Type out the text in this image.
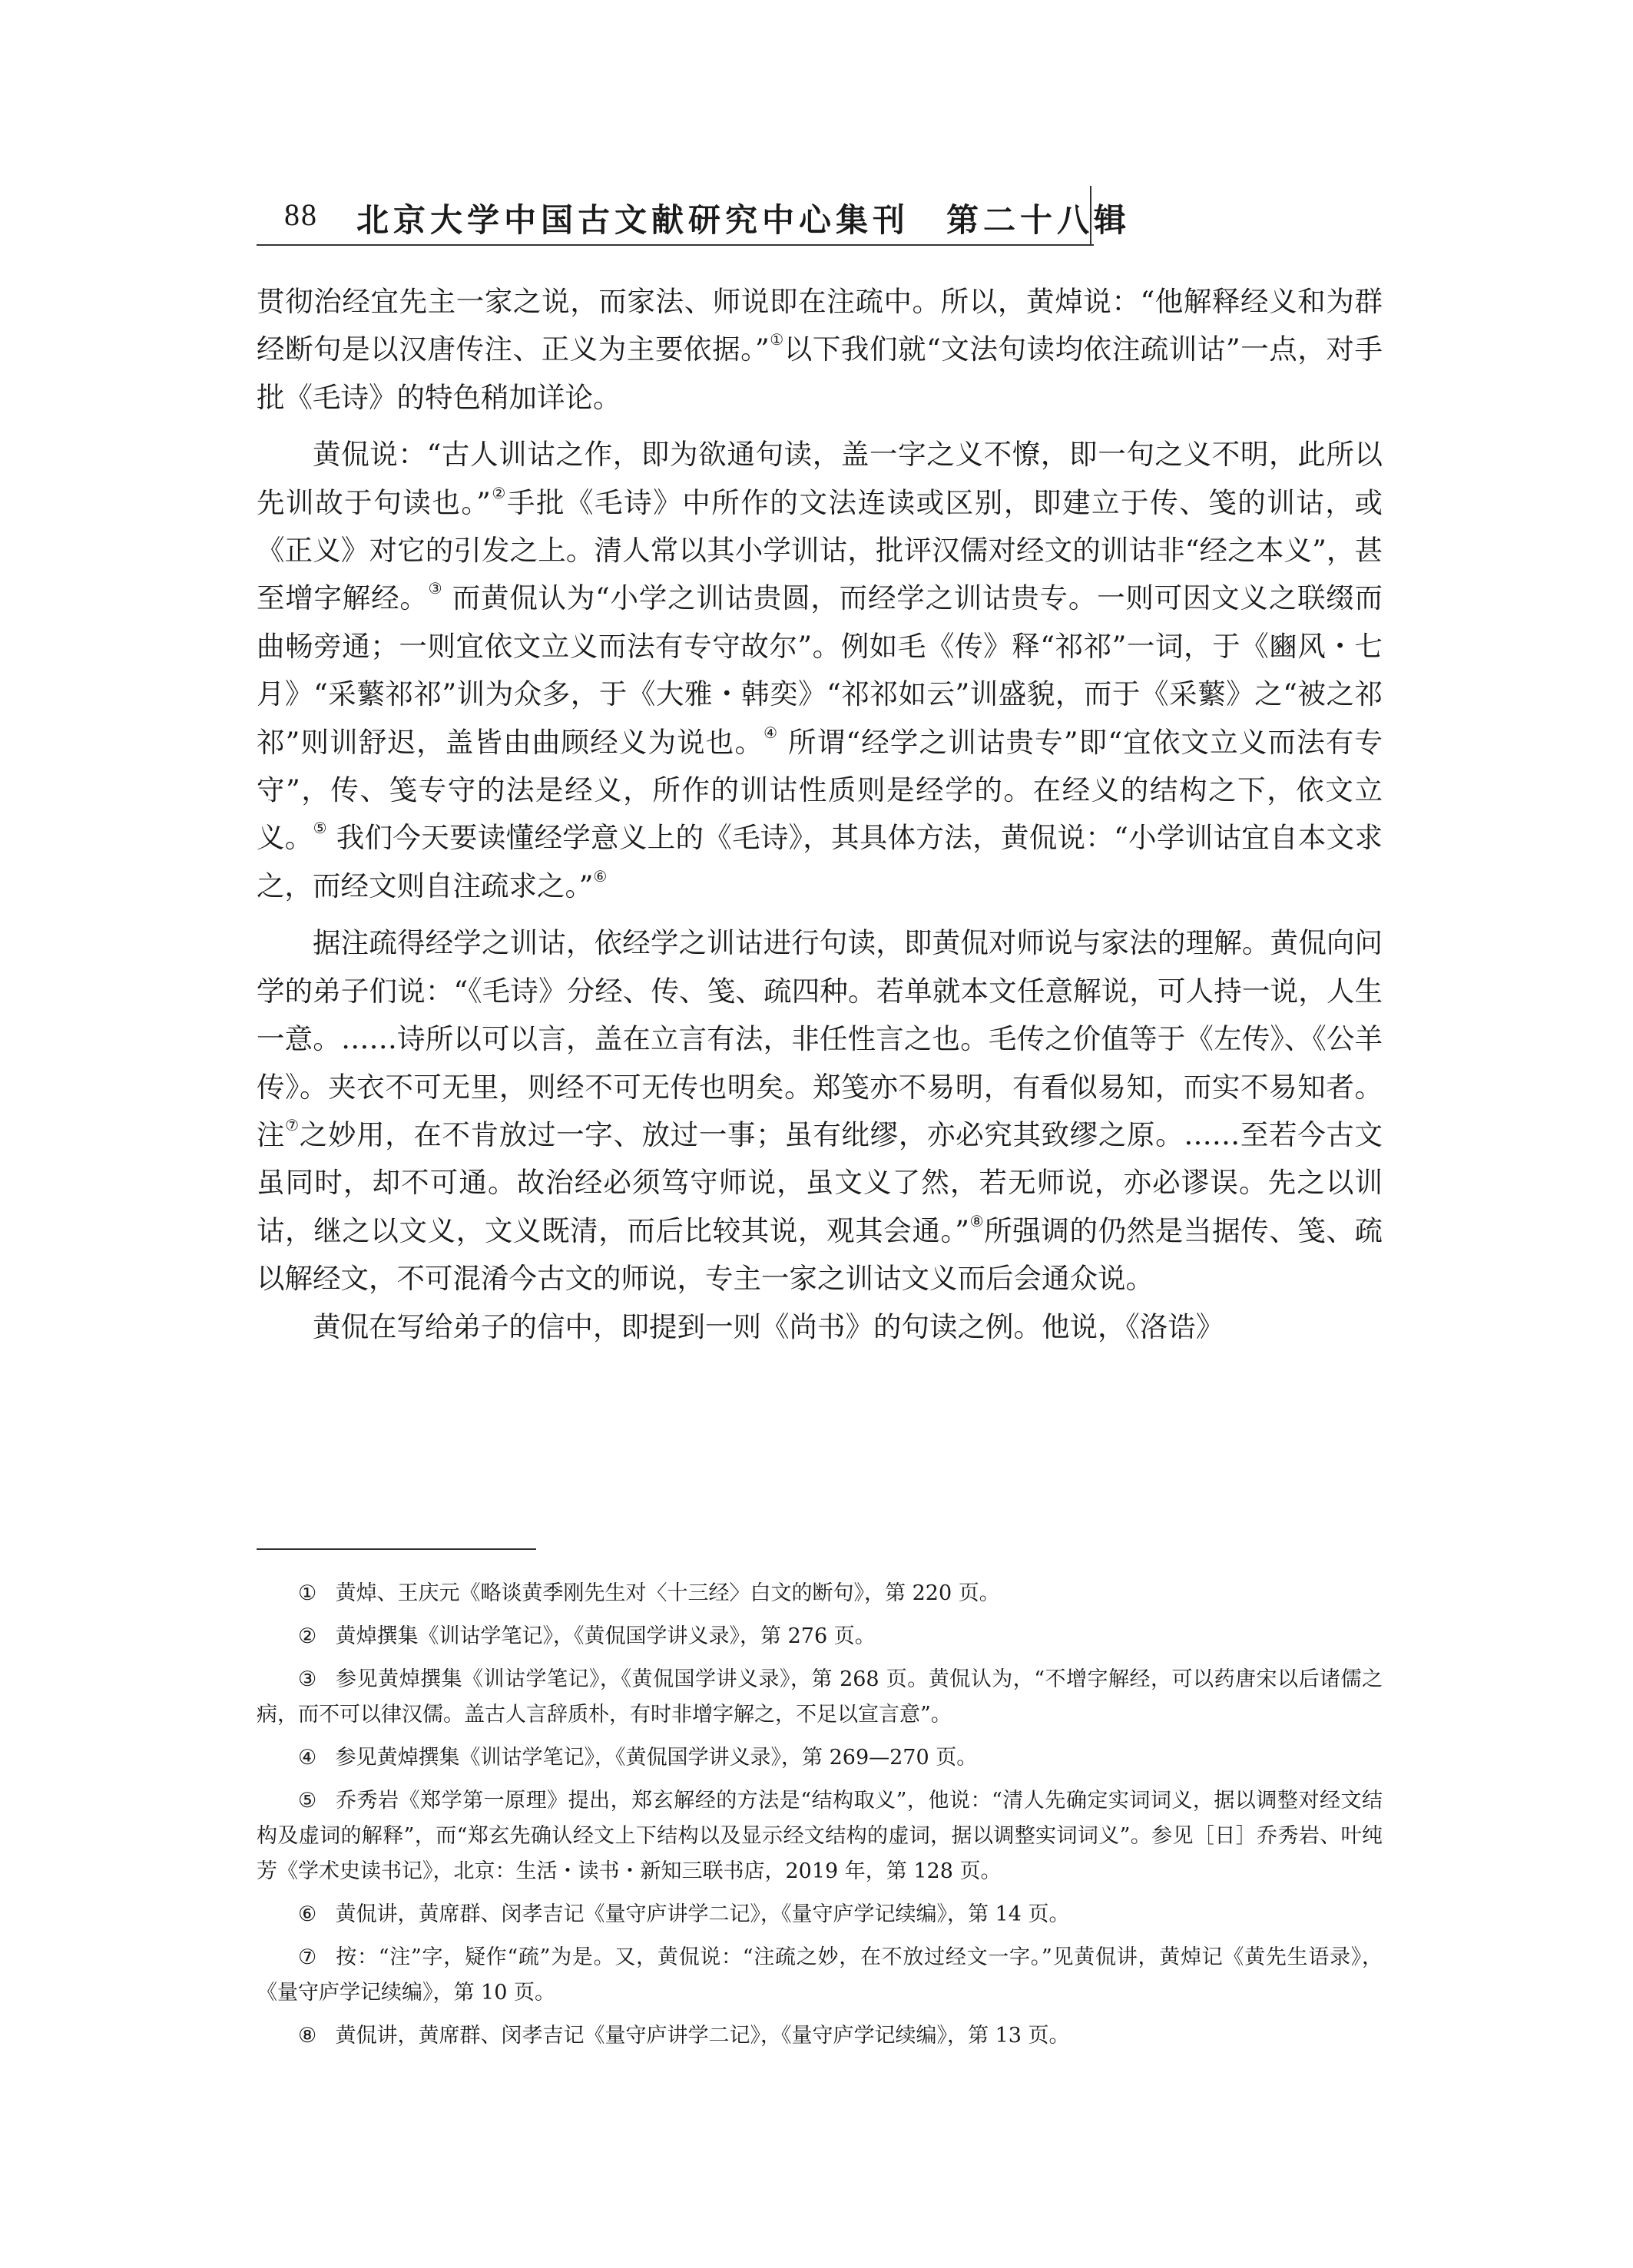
88 北京大学中国古文献研究中心集刊　第二十八辑

贯彻治经宜先主一家之说，而家法、师说即在注疏中。所以，黄焯说：“他解释经义和为群经断句是以汉唐传注、正义为主要依据。”①以下我们就“文法句读均依注疏训诂”一点，对手批《毛诗》的特色稍加详论。

黄侃说：“古人训诂之作，即为欲通句读，盖一字之义不憭，即一句之义不明，此所以先训故于句读也。”②手批《毛诗》中所作的文法连读或区别，即建立于传、笺的训诂，或《正义》对它的引发之上。清人常以其小学训诂，批评汉儒对经文的训诂非“经之本义”，甚至增字解经。③ 而黄侃认为“小学之训诂贵圆，而经学之训诂贵专。一则可因文义之联缀而曲畅旁通；一则宜依文立义而法有专守故尔”。例如毛《传》释“祁祁”一词，于《豳风・七月》“采蘩祁祁”训为众多，于《大雅・韩奕》“祁祁如云”训盛貌，而于《采蘩》之“被之祁祁”则训舒迟，盖皆由曲顾经义为说也。④ 所谓“经学之训诂贵专”即“宜依文立义而法有专守”，传、笺专守的法是经义，所作的训诂性质则是经学的。在经义的结构之下，依文立义。⑤ 我们今天要读懂经学意义上的《毛诗》，其具体方法，黄侃说：“小学训诂宜自本文求之，而经文则自注疏求之。”⑥

据注疏得经学之训诂，依经学之训诂进行句读，即黄侃对师说与家法的理解。黄侃向问学的弟子们说：“《毛诗》分经、传、笺、疏四种。若单就本文任意解说，可人持一说，人生一意。……诗所以可以言，盖在立言有法，非任性言之也。毛传之价值等于《左传》、《公羊传》。夹衣不可无里，则经不可无传也明矣。郑笺亦不易明，有看似易知，而实不易知者。注⑦之妙用，在不肯放过一字、放过一事；虽有纰缪，亦必究其致缪之原。……至若今古文虽同时，却不可通。故治经必须笃守师说，虽文义了然，若无师说，亦必谬误。先之以训诂，继之以文义，文义既清，而后比较其说，观其会通。”⑧所强调的仍然是当据传、笺、疏以解经文，不可混淆今古文的师说，专主一家之训诂文义而后会通众说。

黄侃在写给弟子的信中，即提到一则《尚书》的句读之例。他说，《洛诰》

① 黄焯、王庆元《略谈黄季刚先生对〈十三经〉白文的断句》，第 220 页。

② 黄焯撰集《训诂学笔记》，《黄侃国学讲义录》，第 276 页。

③ 参见黄焯撰集《训诂学笔记》，《黄侃国学讲义录》，第 268 页。黄侃认为，“不增字解经，可以药唐宋以后诸儒之病，而不可以律汉儒。盖古人言辞质朴，有时非增字解之，不足以宣言意”。

④ 参见黄焯撰集《训诂学笔记》，《黄侃国学讲义录》，第 269—270 页。

⑤ 乔秀岩《郑学第一原理》提出，郑玄解经的方法是“结构取义”，他说：“清人先确定实词词义，据以调整对经文结构及虚词的解释”，而“郑玄先确认经文上下结构以及显示经文结构的虚词，据以调整实词词义”。参见［日］乔秀岩、叶纯芳《学术史读书记》，北京：生活・读书・新知三联书店，2019 年，第 128 页。

⑥ 黄侃讲，黄席群、闵孝吉记《量守庐讲学二记》，《量守庐学记续编》，第 14 页。

⑦ 按：“注”字，疑作“疏”为是。又，黄侃说：“注疏之妙，在不放过经文一字。”见黄侃讲，黄焯记《黄先生语录》，《量守庐学记续编》，第 10 页。

⑧ 黄侃讲，黄席群、闵孝吉记《量守庐讲学二记》，《量守庐学记续编》，第 13 页。
